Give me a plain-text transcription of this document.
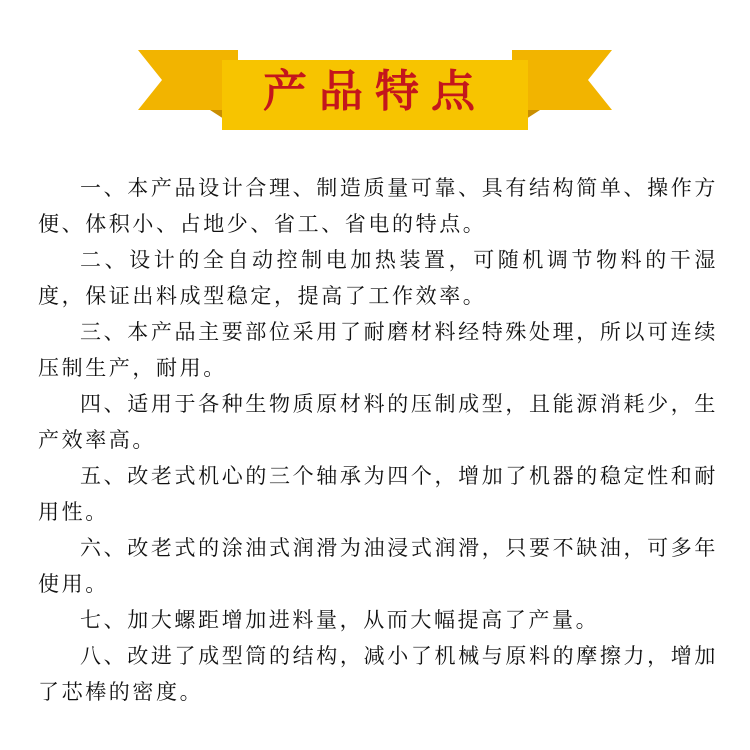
产品特点

一、本产品设计合理、制造质量可靠、具有结构简单、操作方便、体积小、占地少、省工、省电的特点。

二、设计的全自动控制电加热装置，可随机调节物料的干湿度，保证出料成型稳定，提高了工作效率。

三、本产品主要部位采用了耐磨材料经特殊处理，所以可连续压制生产，耐用。

四、适用于各种生物质原材料的压制成型，且能源消耗少，生产效率高。

五、改老式机心的三个轴承为四个，增加了机器的稳定性和耐用性。

六、改老式的涂油式润滑为油浸式润滑，只要不缺油，可多年使用。

七、加大螺距增加进料量，从而大幅提高了产量。

八、改进了成型筒的结构，减小了机械与原料的摩擦力，增加了芯棒的密度。
